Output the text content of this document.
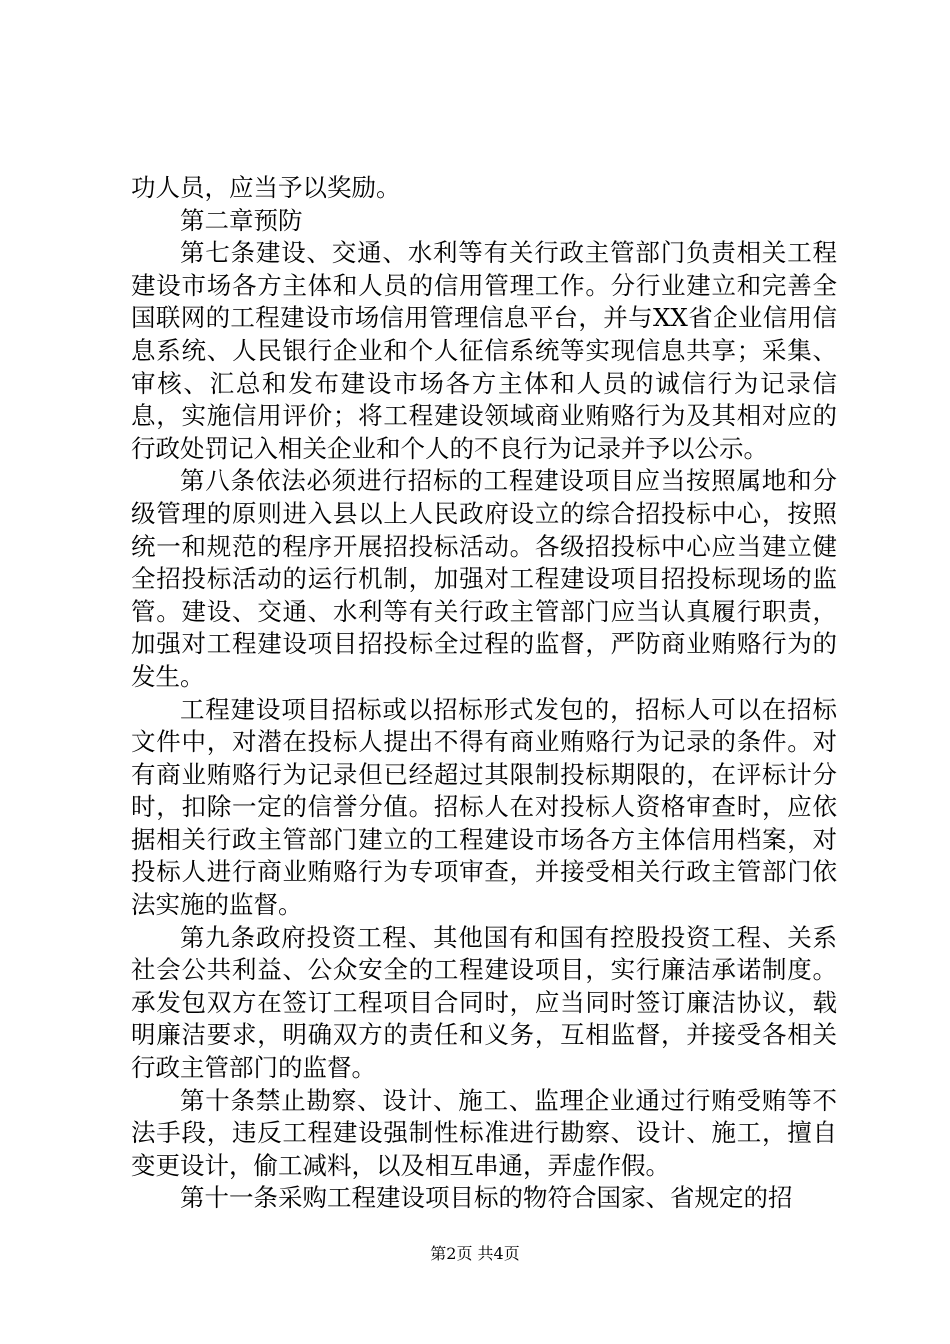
功人员，应当予以奖励。

第二章预防

第七条建设、交通、水利等有关行政主管部门负责相关工程建设市场各方主体和人员的信用管理工作。分行业建立和完善全国联网的工程建设市场信用管理信息平台，并与XX省企业信用信息系统、人民银行企业和个人征信系统等实现信息共享；采集、审核、汇总和发布建设市场各方主体和人员的诚信行为记录信息，实施信用评价；将工程建设领域商业贿赂行为及其相对应的行政处罚记入相关企业和个人的不良行为记录并予以公示。

第八条依法必须进行招标的工程建设项目应当按照属地和分级管理的原则进入县以上人民政府设立的综合招投标中心，按照统一和规范的程序开展招投标活动。各级招投标中心应当建立健全招投标活动的运行机制，加强对工程建设项目招投标现场的监管。建设、交通、水利等有关行政主管部门应当认真履行职责，加强对工程建设项目招投标全过程的监督，严防商业贿赂行为的发生。

工程建设项目招标或以招标形式发包的，招标人可以在招标文件中，对潜在投标人提出不得有商业贿赂行为记录的条件。对有商业贿赂行为记录但已经超过其限制投标期限的，在评标计分时，扣除一定的信誉分值。招标人在对投标人资格审查时，应依据相关行政主管部门建立的工程建设市场各方主体信用档案，对投标人进行商业贿赂行为专项审查，并接受相关行政主管部门依法实施的监督。

第九条政府投资工程、其他国有和国有控股投资工程、关系社会公共利益、公众安全的工程建设项目，实行廉洁承诺制度。承发包双方在签订工程项目合同时，应当同时签订廉洁协议，载明廉洁要求，明确双方的责任和义务，互相监督，并接受各相关行政主管部门的监督。

第十条禁止勘察、设计、施工、监理企业通过行贿受贿等不法手段，违反工程建设强制性标准进行勘察、设计、施工，擅自变更设计，偷工减料，以及相互串通，弄虚作假。

第十一条采购工程建设项目标的物符合国家、省规定的招

第2页 共4页
